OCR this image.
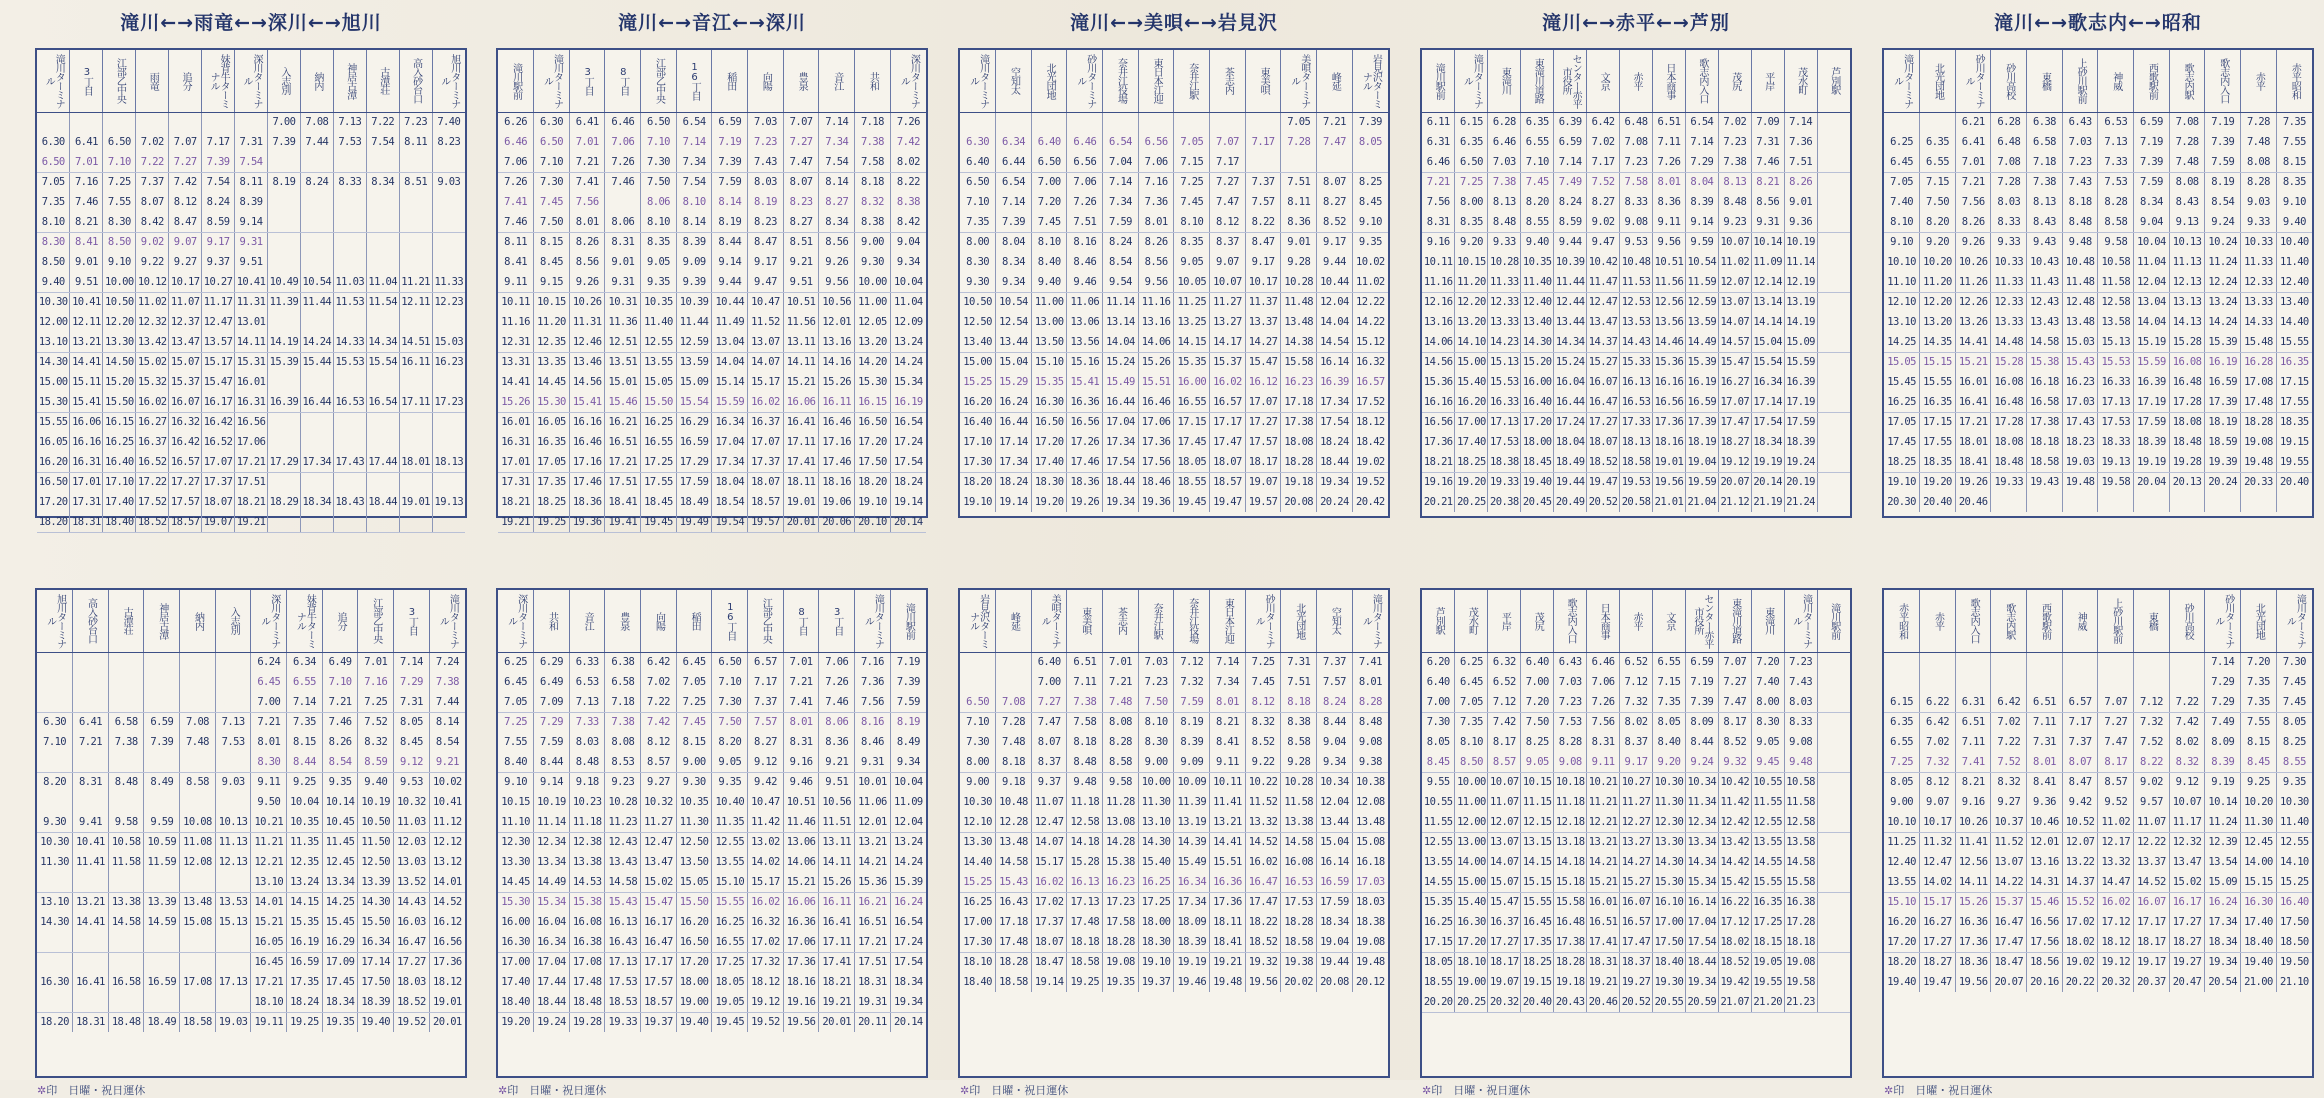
滝川←→雨竜←→深川←→旭川
滝川ターミナル	3丁目	江部乙中央	雨竜	追分	妹背牛ターミナル	深川ターミナル	入志別	納内	神居古潭	古潭荘	高入砂台口	旭川ターミナル
							7.00	7.08	7.13	7.22	7.23	7.40
6.30	6.41	6.50	7.02	7.07	7.17	7.31	7.39	7.44	7.53	7.54	8.11	8.23
6.50	7.01	7.10	7.22	7.27	7.39	7.54						
7.05	7.16	7.25	7.37	7.42	7.54	8.11	8.19	8.24	8.33	8.34	8.51	9.03
7.35	7.46	7.55	8.07	8.12	8.24	8.39						
8.10	8.21	8.30	8.42	8.47	8.59	9.14						
8.30	8.41	8.50	9.02	9.07	9.17	9.31						
8.50	9.01	9.10	9.22	9.27	9.37	9.51						
9.40	9.51	10.00	10.12	10.17	10.27	10.41	10.49	10.54	11.03	11.04	11.21	11.33
10.30	10.41	10.50	11.02	11.07	11.17	11.31	11.39	11.44	11.53	11.54	12.11	12.23
12.00	12.11	12.20	12.32	12.37	12.47	13.01						
13.10	13.21	13.30	13.42	13.47	13.57	14.11	14.19	14.24	14.33	14.34	14.51	15.03
14.30	14.41	14.50	15.02	15.07	15.17	15.31	15.39	15.44	15.53	15.54	16.11	16.23
15.00	15.11	15.20	15.32	15.37	15.47	16.01						
15.30	15.41	15.50	16.02	16.07	16.17	16.31	16.39	16.44	16.53	16.54	17.11	17.23
15.55	16.06	16.15	16.27	16.32	16.42	16.56						
16.05	16.16	16.25	16.37	16.42	16.52	17.06						
16.20	16.31	16.40	16.52	16.57	17.07	17.21	17.29	17.34	17.43	17.44	18.01	18.13
16.50	17.01	17.10	17.22	17.27	17.37	17.51						
17.20	17.31	17.40	17.52	17.57	18.07	18.21	18.29	18.34	18.43	18.44	19.01	19.13
18.20	18.31	18.40	18.52	18.57	19.07	19.21						
滝川←→音江←→深川
滝川駅前	滝川ターミナル	3丁目	8丁目	江部乙中央	16丁目	稲田	向陽	豊泉	音江	共和	深川ターミナル
6.26	6.30	6.41	6.46	6.50	6.54	6.59	7.03	7.07	7.14	7.18	7.26
6.46	6.50	7.01	7.06	7.10	7.14	7.19	7.23	7.27	7.34	7.38	7.42
7.06	7.10	7.21	7.26	7.30	7.34	7.39	7.43	7.47	7.54	7.58	8.02
7.26	7.30	7.41	7.46	7.50	7.54	7.59	8.03	8.07	8.14	8.18	8.22
7.41	7.45	7.56		8.06	8.10	8.14	8.19	8.23	8.27	8.32	8.38
7.46	7.50	8.01	8.06	8.10	8.14	8.19	8.23	8.27	8.34	8.38	8.42
8.11	8.15	8.26	8.31	8.35	8.39	8.44	8.47	8.51	8.56	9.00	9.04
8.41	8.45	8.56	9.01	9.05	9.09	9.14	9.17	9.21	9.26	9.30	9.34
9.11	9.15	9.26	9.31	9.35	9.39	9.44	9.47	9.51	9.56	10.00	10.04
10.11	10.15	10.26	10.31	10.35	10.39	10.44	10.47	10.51	10.56	11.00	11.04
11.16	11.20	11.31	11.36	11.40	11.44	11.49	11.52	11.56	12.01	12.05	12.09
12.31	12.35	12.46	12.51	12.55	12.59	13.04	13.07	13.11	13.16	13.20	13.24
13.31	13.35	13.46	13.51	13.55	13.59	14.04	14.07	14.11	14.16	14.20	14.24
14.41	14.45	14.56	15.01	15.05	15.09	15.14	15.17	15.21	15.26	15.30	15.34
15.26	15.30	15.41	15.46	15.50	15.54	15.59	16.02	16.06	16.11	16.15	16.19
16.01	16.05	16.16	16.21	16.25	16.29	16.34	16.37	16.41	16.46	16.50	16.54
16.31	16.35	16.46	16.51	16.55	16.59	17.04	17.07	17.11	17.16	17.20	17.24
17.01	17.05	17.16	17.21	17.25	17.29	17.34	17.37	17.41	17.46	17.50	17.54
17.31	17.35	17.46	17.51	17.55	17.59	18.04	18.07	18.11	18.16	18.20	18.24
18.21	18.25	18.36	18.41	18.45	18.49	18.54	18.57	19.01	19.06	19.10	19.14
19.21	19.25	19.36	19.41	19.45	19.49	19.54	19.57	20.01	20.06	20.10	20.14
滝川←→美唄←→岩見沢
滝川ターミナル	空知太	北光団地	砂川ターミナル	奈井江役場	東日本江迎	奈井江駅	茶志内	東美唄	美唄ターミナル	峰延	岩見沢ターミナル
									7.05	7.21	7.39
6.30	6.34	6.40	6.46	6.54	6.56	7.05	7.07	7.17	7.28	7.47	8.05
6.40	6.44	6.50	6.56	7.04	7.06	7.15	7.17				
6.50	6.54	7.00	7.06	7.14	7.16	7.25	7.27	7.37	7.51	8.07	8.25
7.10	7.14	7.20	7.26	7.34	7.36	7.45	7.47	7.57	8.11	8.27	8.45
7.35	7.39	7.45	7.51	7.59	8.01	8.10	8.12	8.22	8.36	8.52	9.10
8.00	8.04	8.10	8.16	8.24	8.26	8.35	8.37	8.47	9.01	9.17	9.35
8.30	8.34	8.40	8.46	8.54	8.56	9.05	9.07	9.17	9.28	9.44	10.02
9.30	9.34	9.40	9.46	9.54	9.56	10.05	10.07	10.17	10.28	10.44	11.02
10.50	10.54	11.00	11.06	11.14	11.16	11.25	11.27	11.37	11.48	12.04	12.22
12.50	12.54	13.00	13.06	13.14	13.16	13.25	13.27	13.37	13.48	14.04	14.22
13.40	13.44	13.50	13.56	14.04	14.06	14.15	14.17	14.27	14.38	14.54	15.12
15.00	15.04	15.10	15.16	15.24	15.26	15.35	15.37	15.47	15.58	16.14	16.32
15.25	15.29	15.35	15.41	15.49	15.51	16.00	16.02	16.12	16.23	16.39	16.57
16.20	16.24	16.30	16.36	16.44	16.46	16.55	16.57	17.07	17.18	17.34	17.52
16.40	16.44	16.50	16.56	17.04	17.06	17.15	17.17	17.27	17.38	17.54	18.12
17.10	17.14	17.20	17.26	17.34	17.36	17.45	17.47	17.57	18.08	18.24	18.42
17.30	17.34	17.40	17.46	17.54	17.56	18.05	18.07	18.17	18.28	18.44	19.02
18.20	18.24	18.30	18.36	18.44	18.46	18.55	18.57	19.07	19.18	19.34	19.52
19.10	19.14	19.20	19.26	19.34	19.36	19.45	19.47	19.57	20.08	20.24	20.42
滝川←→赤平←→芦別
滝川駅前	滝川ターミナル	東滝川	東滝川道路	センター赤平市役所	文京	赤平	日本商事	歌志内入口	茂尻	平岸	茂水町	芦別駅
6.11	6.15	6.28	6.35	6.39	6.42	6.48	6.51	6.54	7.02	7.09	7.14	
6.31	6.35	6.46	6.55	6.59	7.02	7.08	7.11	7.14	7.23	7.31	7.36	
6.46	6.50	7.03	7.10	7.14	7.17	7.23	7.26	7.29	7.38	7.46	7.51	
7.21	7.25	7.38	7.45	7.49	7.52	7.58	8.01	8.04	8.13	8.21	8.26	
7.56	8.00	8.13	8.20	8.24	8.27	8.33	8.36	8.39	8.48	8.56	9.01	
8.31	8.35	8.48	8.55	8.59	9.02	9.08	9.11	9.14	9.23	9.31	9.36	
9.16	9.20	9.33	9.40	9.44	9.47	9.53	9.56	9.59	10.07	10.14	10.19	
10.11	10.15	10.28	10.35	10.39	10.42	10.48	10.51	10.54	11.02	11.09	11.14	
11.16	11.20	11.33	11.40	11.44	11.47	11.53	11.56	11.59	12.07	12.14	12.19	
12.16	12.20	12.33	12.40	12.44	12.47	12.53	12.56	12.59	13.07	13.14	13.19	
13.16	13.20	13.33	13.40	13.44	13.47	13.53	13.56	13.59	14.07	14.14	14.19	
14.06	14.10	14.23	14.30	14.34	14.37	14.43	14.46	14.49	14.57	15.04	15.09	
14.56	15.00	15.13	15.20	15.24	15.27	15.33	15.36	15.39	15.47	15.54	15.59	
15.36	15.40	15.53	16.00	16.04	16.07	16.13	16.16	16.19	16.27	16.34	16.39	
16.16	16.20	16.33	16.40	16.44	16.47	16.53	16.56	16.59	17.07	17.14	17.19	
16.56	17.00	17.13	17.20	17.24	17.27	17.33	17.36	17.39	17.47	17.54	17.59	
17.36	17.40	17.53	18.00	18.04	18.07	18.13	18.16	18.19	18.27	18.34	18.39	
18.21	18.25	18.38	18.45	18.49	18.52	18.58	19.01	19.04	19.12	19.19	19.24	
19.16	19.20	19.33	19.40	19.44	19.47	19.53	19.56	19.59	20.07	20.14	20.19	
20.21	20.25	20.38	20.45	20.49	20.52	20.58	21.01	21.04	21.12	21.19	21.24	
滝川←→歌志内←→昭和
滝川ターミナル	北光団地	砂川ターミナル	砂川高校	東橋	上砂川駅前	神威	西歌駅前	歌志内駅	歌志内入口	赤平	赤平昭和
		6.21	6.28	6.38	6.43	6.53	6.59	7.08	7.19	7.28	7.35
6.25	6.35	6.41	6.48	6.58	7.03	7.13	7.19	7.28	7.39	7.48	7.55
6.45	6.55	7.01	7.08	7.18	7.23	7.33	7.39	7.48	7.59	8.08	8.15
7.05	7.15	7.21	7.28	7.38	7.43	7.53	7.59	8.08	8.19	8.28	8.35
7.40	7.50	7.56	8.03	8.13	8.18	8.28	8.34	8.43	8.54	9.03	9.10
8.10	8.20	8.26	8.33	8.43	8.48	8.58	9.04	9.13	9.24	9.33	9.40
9.10	9.20	9.26	9.33	9.43	9.48	9.58	10.04	10.13	10.24	10.33	10.40
10.10	10.20	10.26	10.33	10.43	10.48	10.58	11.04	11.13	11.24	11.33	11.40
11.10	11.20	11.26	11.33	11.43	11.48	11.58	12.04	12.13	12.24	12.33	12.40
12.10	12.20	12.26	12.33	12.43	12.48	12.58	13.04	13.13	13.24	13.33	13.40
13.10	13.20	13.26	13.33	13.43	13.48	13.58	14.04	14.13	14.24	14.33	14.40
14.25	14.35	14.41	14.48	14.58	15.03	15.13	15.19	15.28	15.39	15.48	15.55
15.05	15.15	15.21	15.28	15.38	15.43	15.53	15.59	16.08	16.19	16.28	16.35
15.45	15.55	16.01	16.08	16.18	16.23	16.33	16.39	16.48	16.59	17.08	17.15
16.25	16.35	16.41	16.48	16.58	17.03	17.13	17.19	17.28	17.39	17.48	17.55
17.05	17.15	17.21	17.28	17.38	17.43	17.53	17.59	18.08	18.19	18.28	18.35
17.45	17.55	18.01	18.08	18.18	18.23	18.33	18.39	18.48	18.59	19.08	19.15
18.25	18.35	18.41	18.48	18.58	19.03	19.13	19.19	19.28	19.39	19.48	19.55
19.10	19.20	19.26	19.33	19.43	19.48	19.58	20.04	20.13	20.24	20.33	20.40
20.30	20.40	20.46									
旭川ターミナル	高入砂台口	古潭荘	神居古潭	納内	入志別	深川ターミナル	妹背牛ターミナル	追分	江部乙中央	3丁目	滝川ターミナル
						6.24	6.34	6.49	7.01	7.14	7.24
						6.45	6.55	7.10	7.16	7.29	7.38
						7.00	7.14	7.21	7.25	7.31	7.44
6.30	6.41	6.58	6.59	7.08	7.13	7.21	7.35	7.46	7.52	8.05	8.14
7.10	7.21	7.38	7.39	7.48	7.53	8.01	8.15	8.26	8.32	8.45	8.54
						8.30	8.44	8.54	8.59	9.12	9.21
8.20	8.31	8.48	8.49	8.58	9.03	9.11	9.25	9.35	9.40	9.53	10.02
						9.50	10.04	10.14	10.19	10.32	10.41
9.30	9.41	9.58	9.59	10.08	10.13	10.21	10.35	10.45	10.50	11.03	11.12
10.30	10.41	10.58	10.59	11.08	11.13	11.21	11.35	11.45	11.50	12.03	12.12
11.30	11.41	11.58	11.59	12.08	12.13	12.21	12.35	12.45	12.50	13.03	13.12
						13.10	13.24	13.34	13.39	13.52	14.01
13.10	13.21	13.38	13.39	13.48	13.53	14.01	14.15	14.25	14.30	14.43	14.52
14.30	14.41	14.58	14.59	15.08	15.13	15.21	15.35	15.45	15.50	16.03	16.12
						16.05	16.19	16.29	16.34	16.47	16.56
						16.45	16.59	17.09	17.14	17.27	17.36
16.30	16.41	16.58	16.59	17.08	17.13	17.21	17.35	17.45	17.50	18.03	18.12
						18.10	18.24	18.34	18.39	18.52	19.01
18.20	18.31	18.48	18.49	18.58	19.03	19.11	19.25	19.35	19.40	19.52	20.01
✲印　日曜・祝日運休
深川ターミナル	共和	音江	豊泉	向陽	稲田	16丁目	江部乙中央	8丁目	3丁目	滝川ターミナル	滝川駅前
6.25	6.29	6.33	6.38	6.42	6.45	6.50	6.57	7.01	7.06	7.16	7.19
6.45	6.49	6.53	6.58	7.02	7.05	7.10	7.17	7.21	7.26	7.36	7.39
7.05	7.09	7.13	7.18	7.22	7.25	7.30	7.37	7.41	7.46	7.56	7.59
7.25	7.29	7.33	7.38	7.42	7.45	7.50	7.57	8.01	8.06	8.16	8.19
7.55	7.59	8.03	8.08	8.12	8.15	8.20	8.27	8.31	8.36	8.46	8.49
8.40	8.44	8.48	8.53	8.57	9.00	9.05	9.12	9.16	9.21	9.31	9.34
9.10	9.14	9.18	9.23	9.27	9.30	9.35	9.42	9.46	9.51	10.01	10.04
10.15	10.19	10.23	10.28	10.32	10.35	10.40	10.47	10.51	10.56	11.06	11.09
11.10	11.14	11.18	11.23	11.27	11.30	11.35	11.42	11.46	11.51	12.01	12.04
12.30	12.34	12.38	12.43	12.47	12.50	12.55	13.02	13.06	13.11	13.21	13.24
13.30	13.34	13.38	13.43	13.47	13.50	13.55	14.02	14.06	14.11	14.21	14.24
14.45	14.49	14.53	14.58	15.02	15.05	15.10	15.17	15.21	15.26	15.36	15.39
15.30	15.34	15.38	15.43	15.47	15.50	15.55	16.02	16.06	16.11	16.21	16.24
16.00	16.04	16.08	16.13	16.17	16.20	16.25	16.32	16.36	16.41	16.51	16.54
16.30	16.34	16.38	16.43	16.47	16.50	16.55	17.02	17.06	17.11	17.21	17.24
17.00	17.04	17.08	17.13	17.17	17.20	17.25	17.32	17.36	17.41	17.51	17.54
17.40	17.44	17.48	17.53	17.57	18.00	18.05	18.12	18.16	18.21	18.31	18.34
18.40	18.44	18.48	18.53	18.57	19.00	19.05	19.12	19.16	19.21	19.31	19.34
19.20	19.24	19.28	19.33	19.37	19.40	19.45	19.52	19.56	20.01	20.11	20.14
✲印　日曜・祝日運休
岩見沢ターミナル	峰延	美唄ターミナル	東美唄	茶志内	奈井江駅	奈井江役場	東日本江迎	砂川ターミナル	北光団地	空知太	滝川ターミナル
		6.40	6.51	7.01	7.03	7.12	7.14	7.25	7.31	7.37	7.41
		7.00	7.11	7.21	7.23	7.32	7.34	7.45	7.51	7.57	8.01
6.50	7.08	7.27	7.38	7.48	7.50	7.59	8.01	8.12	8.18	8.24	8.28
7.10	7.28	7.47	7.58	8.08	8.10	8.19	8.21	8.32	8.38	8.44	8.48
7.30	7.48	8.07	8.18	8.28	8.30	8.39	8.41	8.52	8.58	9.04	9.08
8.00	8.18	8.37	8.48	8.58	9.00	9.09	9.11	9.22	9.28	9.34	9.38
9.00	9.18	9.37	9.48	9.58	10.00	10.09	10.11	10.22	10.28	10.34	10.38
10.30	10.48	11.07	11.18	11.28	11.30	11.39	11.41	11.52	11.58	12.04	12.08
12.10	12.28	12.47	12.58	13.08	13.10	13.19	13.21	13.32	13.38	13.44	13.48
13.30	13.48	14.07	14.18	14.28	14.30	14.39	14.41	14.52	14.58	15.04	15.08
14.40	14.58	15.17	15.28	15.38	15.40	15.49	15.51	16.02	16.08	16.14	16.18
15.25	15.43	16.02	16.13	16.23	16.25	16.34	16.36	16.47	16.53	16.59	17.03
16.25	16.43	17.02	17.13	17.23	17.25	17.34	17.36	17.47	17.53	17.59	18.03
17.00	17.18	17.37	17.48	17.58	18.00	18.09	18.11	18.22	18.28	18.34	18.38
17.30	17.48	18.07	18.18	18.28	18.30	18.39	18.41	18.52	18.58	19.04	19.08
18.10	18.28	18.47	18.58	19.08	19.10	19.19	19.21	19.32	19.38	19.44	19.48
18.40	18.58	19.14	19.25	19.35	19.37	19.46	19.48	19.56	20.02	20.08	20.12
✲印　日曜・祝日運休
芦別駅	茂水町	平岸	茂尻	歌志内入口	日本商事	赤平	文京	センター赤平市役所	東滝川道路	東滝川	滝川ターミナル	滝川駅前
6.20	6.25	6.32	6.40	6.43	6.46	6.52	6.55	6.59	7.07	7.20	7.23	
6.40	6.45	6.52	7.00	7.03	7.06	7.12	7.15	7.19	7.27	7.40	7.43	
7.00	7.05	7.12	7.20	7.23	7.26	7.32	7.35	7.39	7.47	8.00	8.03	
7.30	7.35	7.42	7.50	7.53	7.56	8.02	8.05	8.09	8.17	8.30	8.33	
8.05	8.10	8.17	8.25	8.28	8.31	8.37	8.40	8.44	8.52	9.05	9.08	
8.45	8.50	8.57	9.05	9.08	9.11	9.17	9.20	9.24	9.32	9.45	9.48	
9.55	10.00	10.07	10.15	10.18	10.21	10.27	10.30	10.34	10.42	10.55	10.58	
10.55	11.00	11.07	11.15	11.18	11.21	11.27	11.30	11.34	11.42	11.55	11.58	
11.55	12.00	12.07	12.15	12.18	12.21	12.27	12.30	12.34	12.42	12.55	12.58	
12.55	13.00	13.07	13.15	13.18	13.21	13.27	13.30	13.34	13.42	13.55	13.58	
13.55	14.00	14.07	14.15	14.18	14.21	14.27	14.30	14.34	14.42	14.55	14.58	
14.55	15.00	15.07	15.15	15.18	15.21	15.27	15.30	15.34	15.42	15.55	15.58	
15.35	15.40	15.47	15.55	15.58	16.01	16.07	16.10	16.14	16.22	16.35	16.38	
16.25	16.30	16.37	16.45	16.48	16.51	16.57	17.00	17.04	17.12	17.25	17.28	
17.15	17.20	17.27	17.35	17.38	17.41	17.47	17.50	17.54	18.02	18.15	18.18	
18.05	18.10	18.17	18.25	18.28	18.31	18.37	18.40	18.44	18.52	19.05	19.08	
18.55	19.00	19.07	19.15	19.18	19.21	19.27	19.30	19.34	19.42	19.55	19.58	
20.20	20.25	20.32	20.40	20.43	20.46	20.52	20.55	20.59	21.07	21.20	21.23	
✲印　日曜・祝日運休
赤平昭和	赤平	歌志内入口	歌志内駅	西歌駅前	神威	上砂川駅前	東橋	砂川高校	砂川ターミナル	北光団地	滝川ターミナル
									7.14	7.20	7.30
									7.29	7.35	7.45
6.15	6.22	6.31	6.42	6.51	6.57	7.07	7.12	7.22	7.29	7.35	7.45
6.35	6.42	6.51	7.02	7.11	7.17	7.27	7.32	7.42	7.49	7.55	8.05
6.55	7.02	7.11	7.22	7.31	7.37	7.47	7.52	8.02	8.09	8.15	8.25
7.25	7.32	7.41	7.52	8.01	8.07	8.17	8.22	8.32	8.39	8.45	8.55
8.05	8.12	8.21	8.32	8.41	8.47	8.57	9.02	9.12	9.19	9.25	9.35
9.00	9.07	9.16	9.27	9.36	9.42	9.52	9.57	10.07	10.14	10.20	10.30
10.10	10.17	10.26	10.37	10.46	10.52	11.02	11.07	11.17	11.24	11.30	11.40
11.25	11.32	11.41	11.52	12.01	12.07	12.17	12.22	12.32	12.39	12.45	12.55
12.40	12.47	12.56	13.07	13.16	13.22	13.32	13.37	13.47	13.54	14.00	14.10
13.55	14.02	14.11	14.22	14.31	14.37	14.47	14.52	15.02	15.09	15.15	15.25
15.10	15.17	15.26	15.37	15.46	15.52	16.02	16.07	16.17	16.24	16.30	16.40
16.20	16.27	16.36	16.47	16.56	17.02	17.12	17.17	17.27	17.34	17.40	17.50
17.20	17.27	17.36	17.47	17.56	18.02	18.12	18.17	18.27	18.34	18.40	18.50
18.20	18.27	18.36	18.47	18.56	19.02	19.12	19.17	19.27	19.34	19.40	19.50
19.40	19.47	19.56	20.07	20.16	20.22	20.32	20.37	20.47	20.54	21.00	21.10
✲印　日曜・祝日運休
